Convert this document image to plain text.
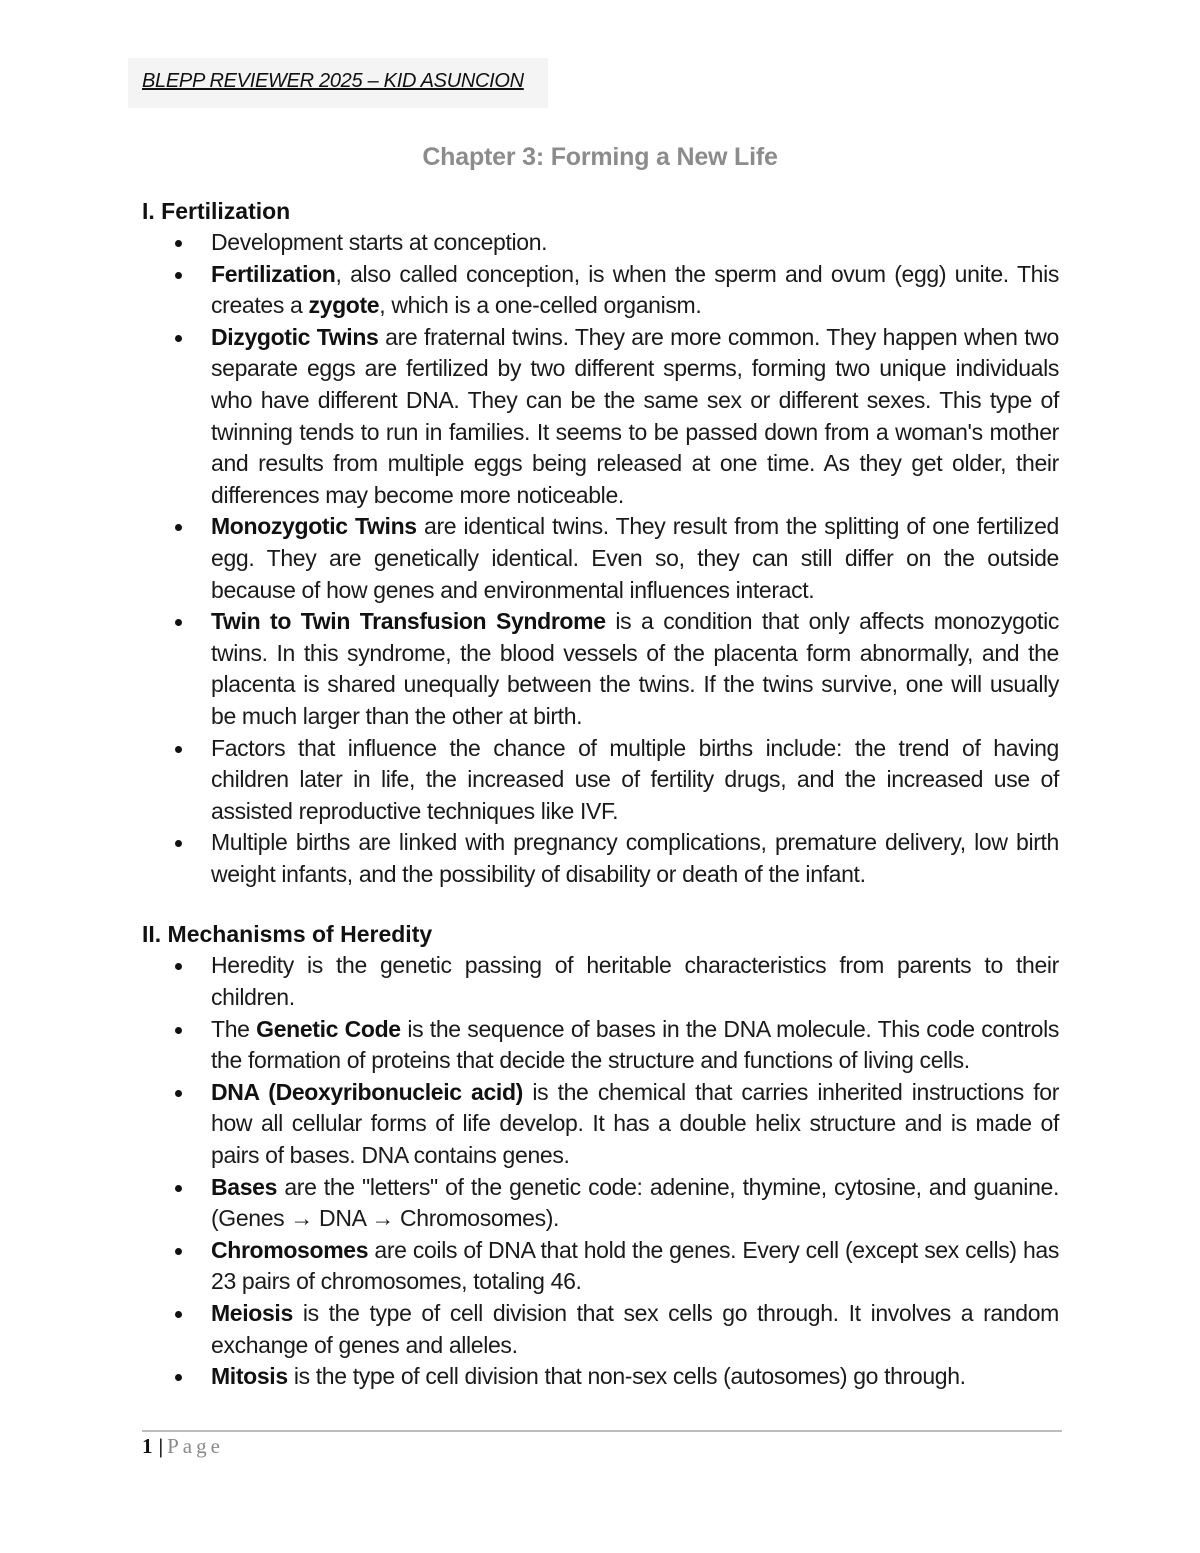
BLEPP REVIEWER 2025 – KID ASUNCION
Chapter 3: Forming a New Life
I. Fertilization
Development starts at conception.
Fertilization, also called conception, is when the sperm and ovum (egg) unite. This creates a zygote, which is a one-celled organism.
Dizygotic Twins are fraternal twins. They are more common. They happen when two separate eggs are fertilized by two different sperms, forming two unique individuals who have different DNA. They can be the same sex or different sexes. This type of twinning tends to run in families. It seems to be passed down from a woman's mother and results from multiple eggs being released at one time. As they get older, their differences may become more noticeable.
Monozygotic Twins are identical twins. They result from the splitting of one fertilized egg. They are genetically identical. Even so, they can still differ on the outside because of how genes and environmental influences interact.
Twin to Twin Transfusion Syndrome is a condition that only affects monozygotic twins. In this syndrome, the blood vessels of the placenta form abnormally, and the placenta is shared unequally between the twins. If the twins survive, one will usually be much larger than the other at birth.
Factors that influence the chance of multiple births include: the trend of having children later in life, the increased use of fertility drugs, and the increased use of assisted reproductive techniques like IVF.
Multiple births are linked with pregnancy complications, premature delivery, low birth weight infants, and the possibility of disability or death of the infant.
II. Mechanisms of Heredity
Heredity is the genetic passing of heritable characteristics from parents to their children.
The Genetic Code is the sequence of bases in the DNA molecule. This code controls the formation of proteins that decide the structure and functions of living cells.
DNA (Deoxyribonucleic acid) is the chemical that carries inherited instructions for how all cellular forms of life develop. It has a double helix structure and is made of pairs of bases. DNA contains genes.
Bases are the "letters" of the genetic code: adenine, thymine, cytosine, and guanine. (Genes → DNA → Chromosomes).
Chromosomes are coils of DNA that hold the genes. Every cell (except sex cells) has 23 pairs of chromosomes, totaling 46.
Meiosis is the type of cell division that sex cells go through. It involves a random exchange of genes and alleles.
Mitosis is the type of cell division that non-sex cells (autosomes) go through.
1 | Page
